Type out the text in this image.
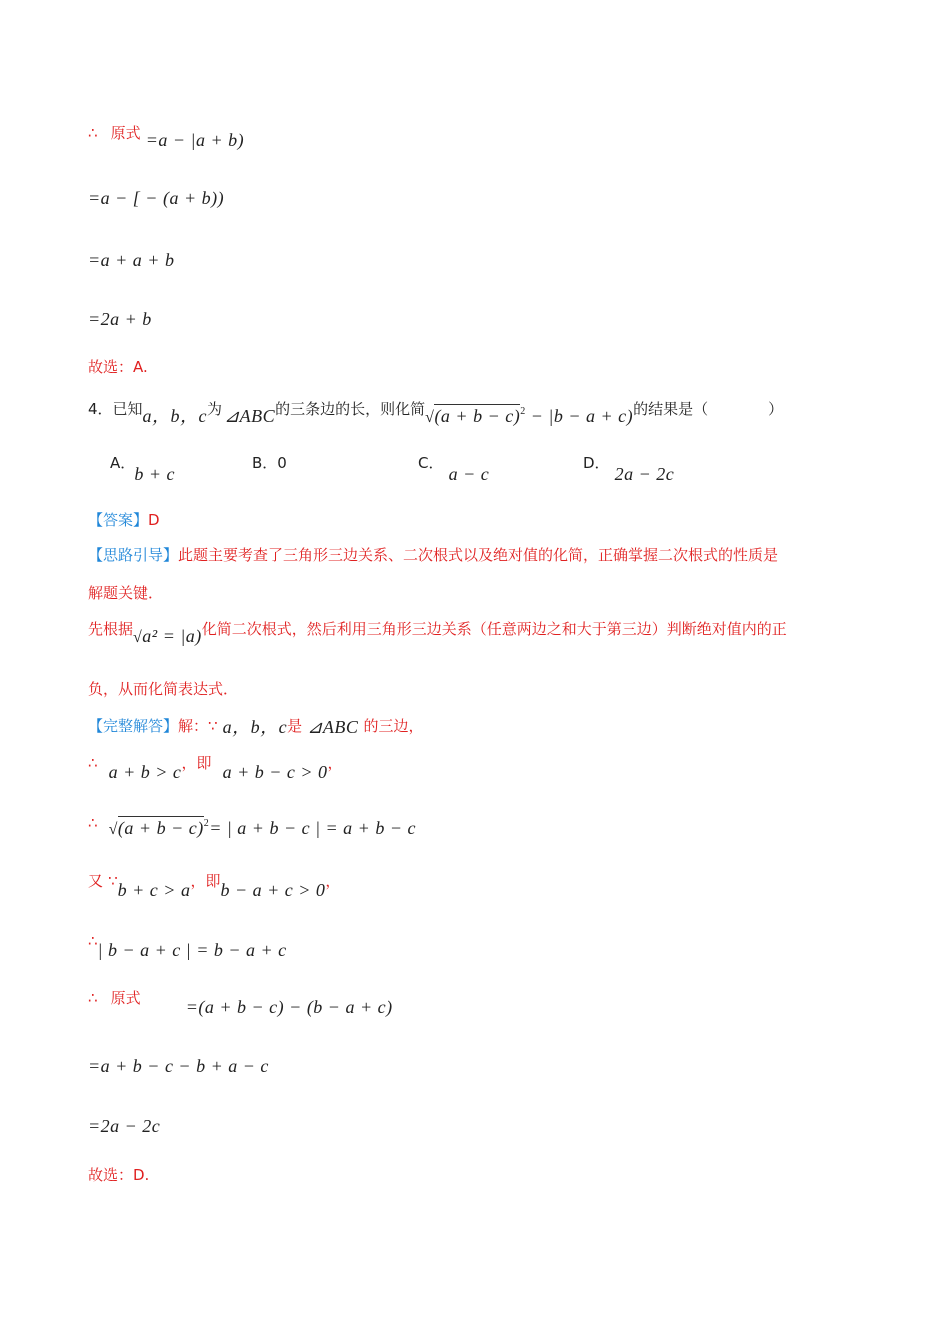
∴ 原式 =a − |a + b)
=a − [ − (a + b))
=a + a + b
=2a + b
故选：A.
4．已知a，b，c为 ⊿ABC的三条边的长，则化简$√(a + b - c)^2 - |b - a + c$)的结果是（　　　　）
A． b + c
B．0	C． a − c
D． 2a − 2c
【答案】D
【思路引导】此题主要考查了三角形三边关系、二次根式以及绝对值的化简，正确掌握二次根式的性质是
解题关键．
先根据√a² = |a)化简二次根式，然后利用三角形三边关系（任意两边之和大于第三边）判断绝对值内的正
负，从而化简表达式．
【完整解答】解：∵ a，b，c是 ⊿ABC 的三边，
∴ a + b > c，即 a + b − c > 0，
∴ $√(a + b - c)^2=$ | a + b − c | = a + b − c
又 ∵b + c > a，即b − a + c > 0，
∴| b − a + c | = b − a + c
∴ 原式	=(a + b − c) − (b − a + c)
=a + b − c − b + a − c
=2a − 2c
故选：D.
